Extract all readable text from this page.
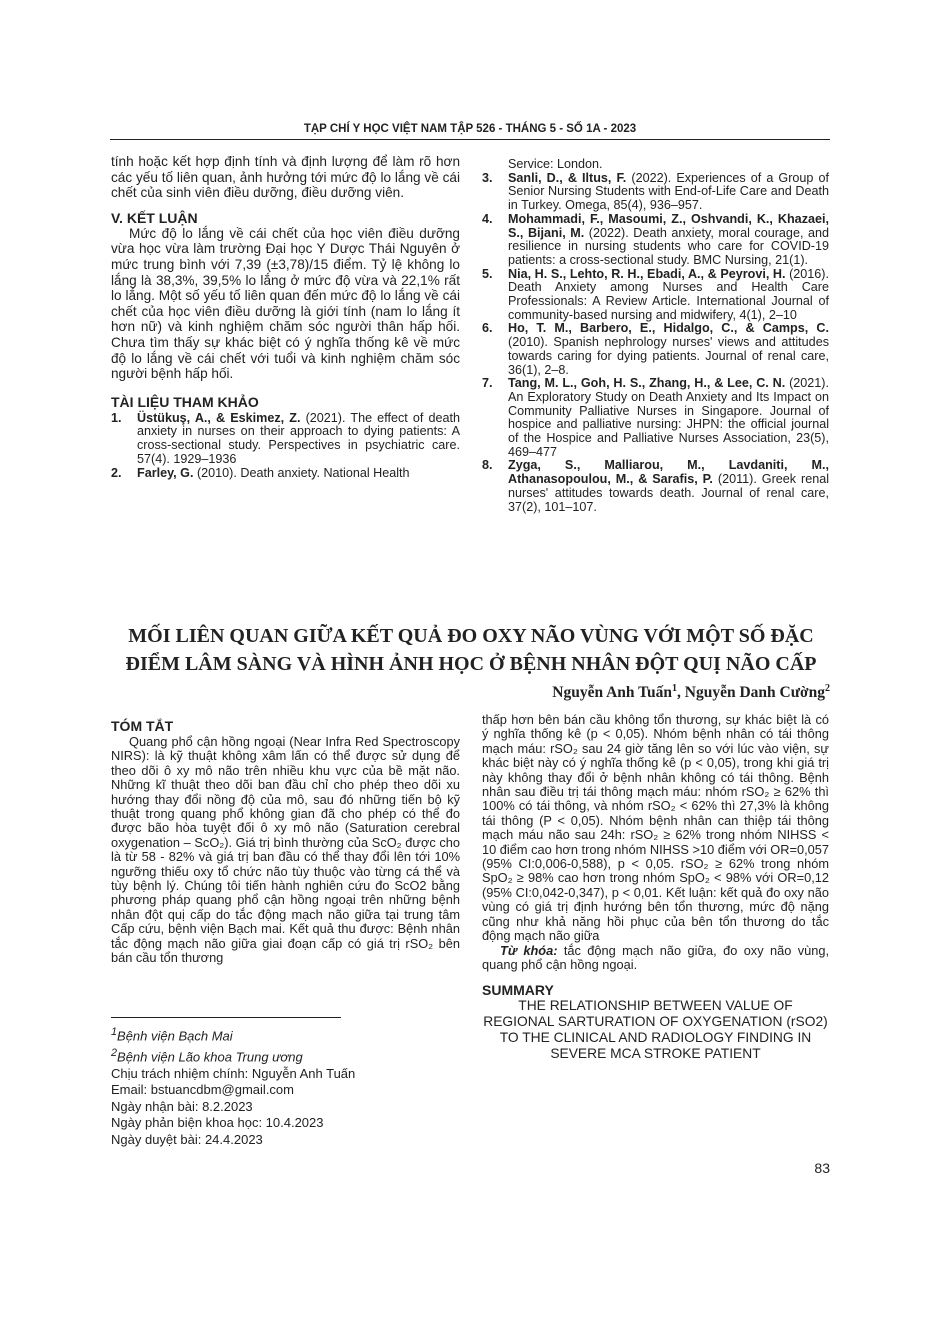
TẠP CHÍ Y HỌC VIỆT NAM TẬP 526 - THÁNG 5 - SỐ 1A - 2023

tính hoặc kết hợp định tính và định lượng để làm rõ hơn các yếu tố liên quan, ảnh hưởng tới mức độ lo lắng về cái chết của sinh viên điều dưỡng, điều dưỡng viên.

V. KẾT LUẬN

Mức độ lo lắng về cái chết của học viên điều dưỡng vừa học vừa làm trường Đại học Y Dược Thái Nguyên ở mức trung bình với 7,39 (±3,78)/15 điểm. Tỷ lệ không lo lắng là 38,3%, 39,5% lo lắng ở mức độ vừa và 22,1% rất lo lắng. Một số yếu tố liên quan đến mức độ lo lắng về cái chết của học viên điều dưỡng là giới tính (nam lo lắng ít hơn nữ) và kinh nghiệm chăm sóc người thân hấp hối. Chưa tìm thấy sự khác biệt có ý nghĩa thống kê về mức độ lo lắng về cái chết với tuổi và kinh nghiệm chăm sóc người bệnh hấp hối.

TÀI LIỆU THAM KHẢO

1.	Üstükuş, A., & Eskimez, Z. (2021). The effect of death anxiety in nurses on their approach to dying patients: A cross-sectional study. Perspectives in psychiatric care. 57(4). 1929–1936
2.	Farley, G. (2010). Death anxiety. National Health
Service: London.
3.	Sanli, D., & Iltus, F. (2022). Experiences of a Group of Senior Nursing Students with End-of-Life Care and Death in Turkey. Omega, 85(4), 936–957.
4.	Mohammadi, F., Masoumi, Z., Oshvandi, K., Khazaei, S., Bijani, M. (2022). Death anxiety, moral courage, and resilience in nursing students who care for COVID-19 patients: a cross-sectional study. BMC Nursing, 21(1).
5.	Nia, H. S., Lehto, R. H., Ebadi, A., & Peyrovi, H. (2016). Death Anxiety among Nurses and Health Care Professionals: A Review Article. International Journal of community-based nursing and midwifery, 4(1), 2–10
6.	Ho, T. M., Barbero, E., Hidalgo, C., & Camps, C. (2010). Spanish nephrology nurses' views and attitudes towards caring for dying patients. Journal of renal care, 36(1), 2–8.
7.	Tang, M. L., Goh, H. S., Zhang, H., & Lee, C. N. (2021). An Exploratory Study on Death Anxiety and Its Impact on Community Palliative Nurses in Singapore. Journal of hospice and palliative nursing: JHPN: the official journal of the Hospice and Palliative Nurses Association, 23(5), 469–477
8.	Zyga, S., Malliarou, M., Lavdaniti, M., Athanasopoulou, M., & Sarafis, P. (2011). Greek renal nurses' attitudes towards death. Journal of renal care, 37(2), 101–107.
MỐI LIÊN QUAN GIỮA KẾT QUẢ ĐO OXY NÃO VÙNG VỚI MỘT SỐ ĐẶC
ĐIỂM LÂM SÀNG VÀ HÌNH ẢNH HỌC Ở BỆNH NHÂN ĐỘT QUỊ NÃO CẤP
Nguyễn Anh Tuấn$^1$, Nguyễn Danh Cường$^2$

TÓM TẮT

Quang phổ cận hồng ngoại (Near Infra Red Spectroscopy NIRS): là kỹ thuật không xâm lấn có thể được sử dụng để theo dõi ô xy mô não trên nhiều khu vực của bề mặt não. Những kĩ thuật theo dõi ban đầu chỉ cho phép theo dõi xu hướng thay đổi nồng độ của mô, sau đó những tiến bộ kỹ thuật trong quang phổ không gian đã cho phép có thể đo được bão hòa tuyệt đối ô xy mô não (Saturation cerebral oxygenation – ScO₂). Giá trị bình thường của ScO₂ được cho là từ 58 - 82% và giá trị ban đầu có thể thay đổi lên tới 10% ngưỡng thiếu oxy tổ chức não tùy thuộc vào từng cá thể và tùy bệnh lý. Chúng tôi tiến hành nghiên cứu đo ScO2 bằng phương pháp quang phổ cận hồng ngoại trên những bệnh nhân đột quị cấp do tắc động mạch não giữa tại trung tâm Cấp cứu, bệnh viện Bạch mai. Kết quả thu được: Bệnh nhân tắc động mạch não giữa giai đoạn cấp có giá trị rSO₂ bên bán cầu tổn thương

$^1$Bệnh viện Bạch Mai

$^2$Bệnh viện Lão khoa Trung ương

Chịu trách nhiệm chính: Nguyễn Anh Tuấn

Email: bstuancdbm@gmail.com

Ngày nhận bài: 8.2.2023

Ngày phản biện khoa học: 10.4.2023

Ngày duyệt bài: 24.4.2023

thấp hơn bên bán cầu không tổn thương, sự khác biệt là có ý nghĩa thống kê (p < 0,05). Nhóm bệnh nhân có tái thông mạch máu: rSO₂ sau 24 giờ tăng lên so với lúc vào viện, sự khác biệt này có ý nghĩa thống kê (p < 0,05), trong khi giá trị này không thay đổi ở bệnh nhân không có tái thông. Bệnh nhân sau điều trị tái thông mạch máu: nhóm rSO₂ ≥ 62% thì 100% có tái thông, và nhóm rSO₂ < 62% thì 27,3% là không tái thông (P < 0,05). Nhóm bệnh nhân can thiệp tái thông mạch máu não sau 24h: rSO₂ ≥ 62% trong nhóm NIHSS < 10 điểm cao hơn trong nhóm NIHSS >10 điểm với OR=0,057 (95% CI:0,006-0,588), p < 0,05. rSO₂ ≥ 62% trong nhóm SpO₂ ≥ 98% cao hơn trong nhóm SpO₂ < 98% với OR=0,12 (95% CI:0,042-0,347), p < 0,01. Kết luận: kết quả đo oxy não vùng có giá trị định hướng bên tổn thương, mức độ nặng cũng như khả năng hồi phục của bên tổn thương do tắc động mạch não giữa

Từ khóa: tắc động mạch não giữa, đo oxy não vùng, quang phổ cận hồng ngoại.

SUMMARY

THE RELATIONSHIP BETWEEN VALUE OF REGIONAL SARTURATION OF OXYGENATION (rSO2) TO THE CLINICAL AND RADIOLOGY FINDING IN SEVERE MCA STROKE PATIENT

83
